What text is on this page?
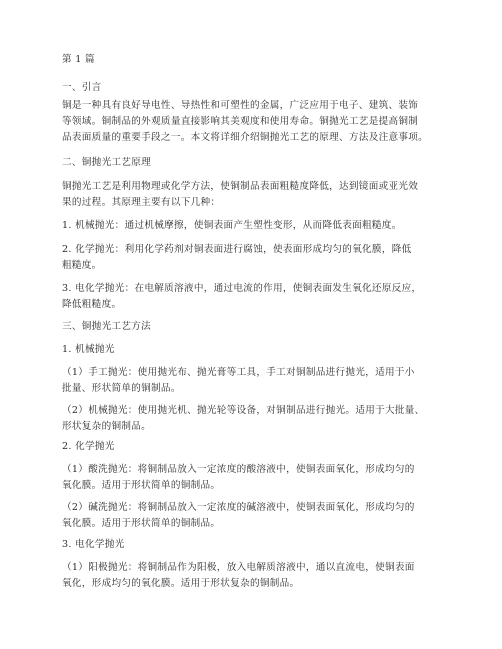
第 1 篇
一、引言
铜是一种具有良好导电性、导热性和可塑性的金属，广泛应用于电子、建筑、装饰
等领域。铜制品的外观质量直接影响其美观度和使用寿命。铜抛光工艺是提高铜制
品表面质量的重要手段之一。本文将详细介绍铜抛光工艺的原理、方法及注意事项。
二、铜抛光工艺原理
铜抛光工艺是利用物理或化学方法，使铜制品表面粗糙度降低，达到镜面或亚光效
果的过程。其原理主要有以下几种：
1. 机械抛光：通过机械摩擦，使铜表面产生塑性变形，从而降低表面粗糙度。
2. 化学抛光：利用化学药剂对铜表面进行腐蚀，使表面形成均匀的氧化膜，降低
粗糙度。
3. 电化学抛光：在电解质溶液中，通过电流的作用，使铜表面发生氧化还原反应，
降低粗糙度。
三、铜抛光工艺方法
1. 机械抛光
（1）手工抛光：使用抛光布、抛光膏等工具，手工对铜制品进行抛光，适用于小
批量、形状简单的铜制品。
（2）机械抛光：使用抛光机、抛光轮等设备，对铜制品进行抛光。适用于大批量、
形状复杂的铜制品。
2. 化学抛光
（1）酸洗抛光：将铜制品放入一定浓度的酸溶液中，使铜表面氧化，形成均匀的
氧化膜。适用于形状简单的铜制品。
（2）碱洗抛光：将铜制品放入一定浓度的碱溶液中，使铜表面氧化，形成均匀的
氧化膜。适用于形状简单的铜制品。
3. 电化学抛光
（1）阳极抛光：将铜制品作为阳极，放入电解质溶液中，通以直流电，使铜表面
氧化，形成均匀的氧化膜。适用于形状复杂的铜制品。
